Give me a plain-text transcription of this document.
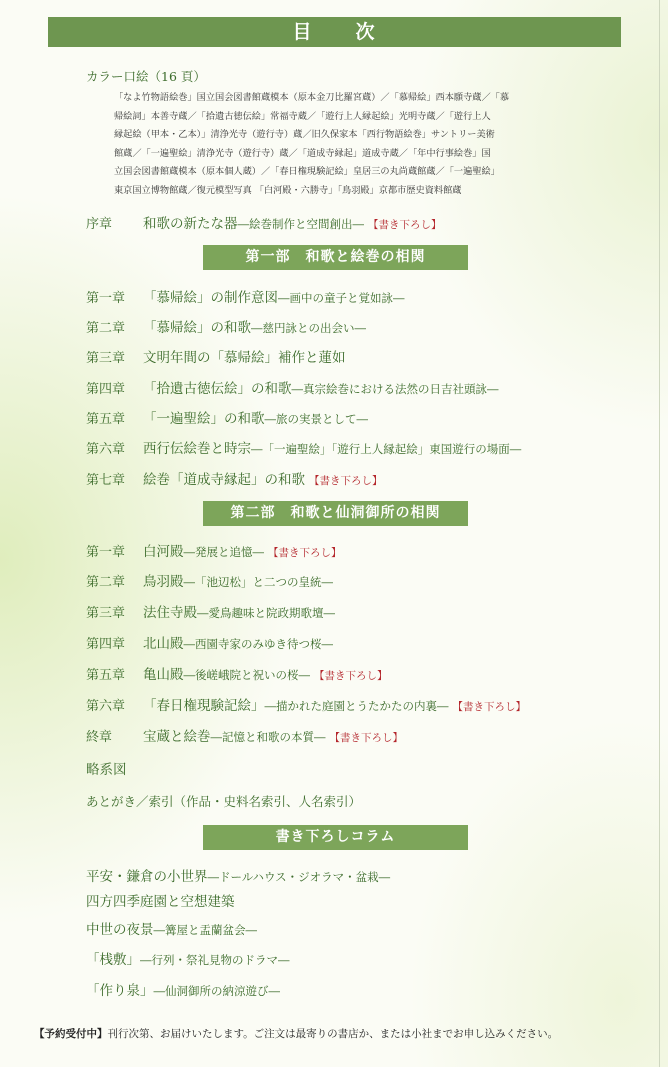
目　　次
カラー口絵（16 頁）
「なよ竹物語絵巻」国立国会図書館蔵模本（原本金刀比羅宮蔵）／「慕帰絵」西本願寺蔵／「慕
帰絵詞」本善寺蔵／「拾遺古徳伝絵」常福寺蔵／「遊行上人縁起絵」光明寺蔵／「遊行上人
縁起絵（甲本・乙本）」清浄光寺（遊行寺）蔵／旧久保家本「西行物語絵巻」サントリー美術
館蔵／「一遍聖絵」清浄光寺（遊行寺）蔵／「道成寺縁起」道成寺蔵／「年中行事絵巻」国
立国会図書館蔵模本（原本個人蔵）／「春日権現験記絵」皇居三の丸尚蔵館蔵／「一遍聖絵」
東京国立博物館蔵／復元模型写真 「白河殿・六勝寺」「鳥羽殿」京都市歴史資料館蔵
序章 和歌の新たな器―絵巻制作と空間創出― 【書き下ろし】
第一部　和歌と絵巻の相関
第一章 「慕帰絵」の制作意図―画中の童子と覚如詠―
第二章 「慕帰絵」の和歌―慈円詠との出会い―
第三章 文明年間の「慕帰絵」補作と蓮如
第四章 「拾遺古徳伝絵」の和歌―真宗絵巻における法然の日吉社頭詠―
第五章 「一遍聖絵」の和歌―旅の実景として―
第六章 西行伝絵巻と時宗―「一遍聖絵」「遊行上人縁起絵」東国遊行の場面―
第七章 絵巻「道成寺縁起」の和歌 【書き下ろし】
第二部　和歌と仙洞御所の相関
第一章 白河殿―発展と追憶― 【書き下ろし】
第二章 鳥羽殿―「池辺松」と二つの皇統―
第三章 法住寺殿―愛鳥趣味と院政期歌壇―
第四章 北山殿―西園寺家のみゆき待つ桜―
第五章 亀山殿―後嵯峨院と祝いの桜― 【書き下ろし】
第六章 「春日権現験記絵」―描かれた庭園とうたかたの内裏― 【書き下ろし】
終章 宝蔵と絵巻―記憶と和歌の本質― 【書き下ろし】
略系図
あとがき／索引（作品・史料名索引、人名索引）
書き下ろしコラム
平安・鎌倉の小世界―ドールハウス・ジオラマ・盆栽―
四方四季庭園と空想建築
中世の夜景―篝屋と盂蘭盆会―
「桟敷」―行列・祭礼見物のドラマ―
「作り泉」―仙洞御所の納涼遊び―
【予約受付中】刊行次第、お届けいたします。ご注文は最寄りの書店か、または小社までお申し込みください。
